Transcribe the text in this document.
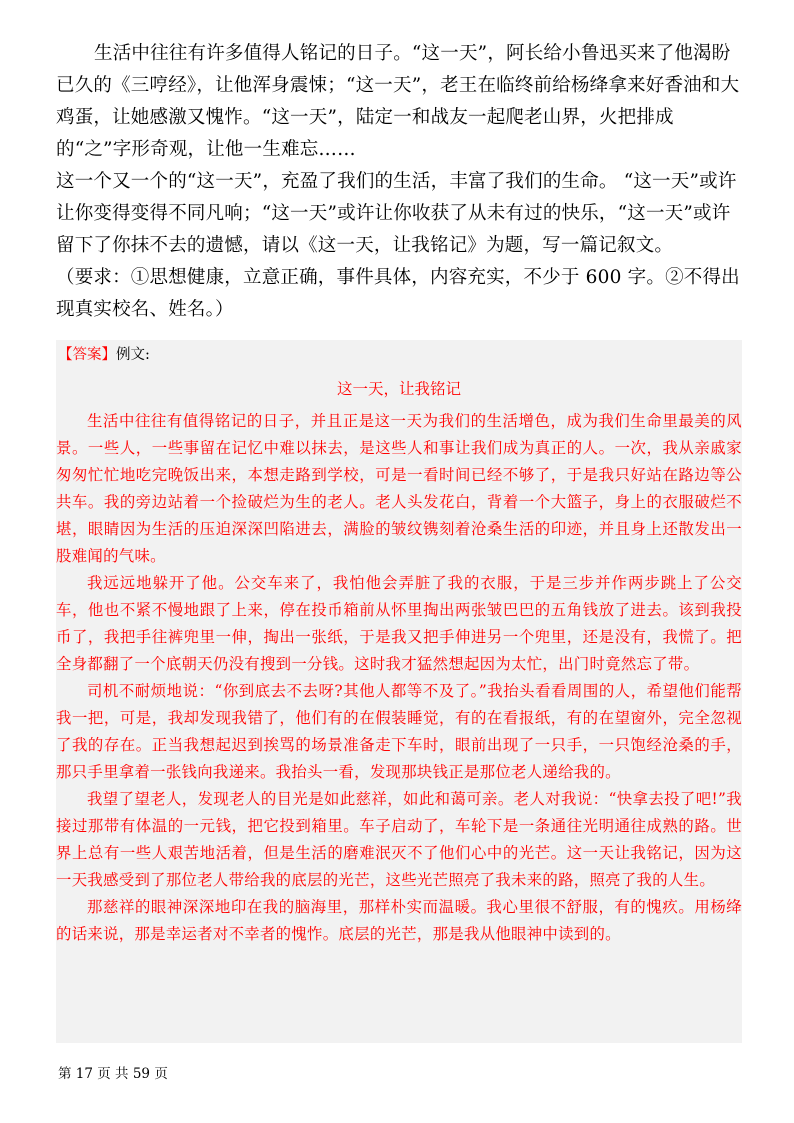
生活中往往有许多值得人铭记的日子。“这一天”，阿长给小鲁迅买来了他渴盼已久的《三哼经》，让他浑身震悚；“这一天”，老王在临终前给杨绛拿来好香油和大鸡蛋，让她感激又愧怍。“这一天”，陆定一和战友一起爬老山界，火把排成的“之”字形奇观，让他一生难忘……

这一个又一个的“这一天”，充盈了我们的生活，丰富了我们的生命。 “这一天”或许让你变得变得不同凡响；“这一天”或许让你收获了从未有过的快乐，“这一天”或许留下了你抹不去的遗憾，请以《这一天，让我铭记》为题，写一篇记叙文。

（要求：①思想健康，立意正确，事件具体，内容充实，不少于 600 字。②不得出现真实校名、姓名。）

【答案】例文:
这一天，让我铭记

生活中往往有值得铭记的日子，并且正是这一天为我们的生活增色，成为我们生命里最美的风景。一些人，一些事留在记忆中难以抹去，是这些人和事让我们成为真正的人。一次，我从亲戚家匆匆忙忙地吃完晚饭出来，本想走路到学校，可是一看时间已经不够了，于是我只好站在路边等公共车。我的旁边站着一个捡破烂为生的老人。老人头发花白，背着一个大篮子，身上的衣服破烂不堪，眼睛因为生活的压迫深深凹陷进去，满脸的皱纹镌刻着沧桑生活的印迹，并且身上还散发出一股难闻的气味。

我远远地躲开了他。公交车来了，我怕他会弄脏了我的衣服，于是三步并作两步跳上了公交车，他也不紧不慢地跟了上来，停在投币箱前从怀里掏出两张皱巴巴的五角钱放了进去。该到我投币了，我把手往裤兜里一伸，掏出一张纸，于是我又把手伸进另一个兜里，还是没有，我慌了。把全身都翻了一个底朝天仍没有搜到一分钱。这时我才猛然想起因为太忙，出门时竟然忘了带。

司机不耐烦地说：“你到底去不去呀?其他人都等不及了。”我抬头看看周围的人，希望他们能帮我一把，可是，我却发现我错了，他们有的在假装睡觉，有的在看报纸，有的在望窗外，完全忽视了我的存在。正当我想起迟到挨骂的场景准备走下车时，眼前出现了一只手，一只饱经沧桑的手，那只手里拿着一张钱向我递来。我抬头一看，发现那块钱正是那位老人递给我的。

我望了望老人，发现老人的目光是如此慈祥，如此和蔼可亲。老人对我说：“快拿去投了吧!”我接过那带有体温的一元钱，把它投到箱里。车子启动了，车轮下是一条通往光明通往成熟的路。世界上总有一些人艰苦地活着，但是生活的磨难泯灭不了他们心中的光芒。这一天让我铭记，因为这一天我感受到了那位老人带给我的底层的光芒，这些光芒照亮了我未来的路，照亮了我的人生。

那慈祥的眼神深深地印在我的脑海里，那样朴实而温暖。我心里很不舒服，有的愧疚。用杨绛的话来说，那是幸运者对不幸者的愧怍。底层的光芒，那是我从他眼神中读到的。

第 17 页 共 59 页
